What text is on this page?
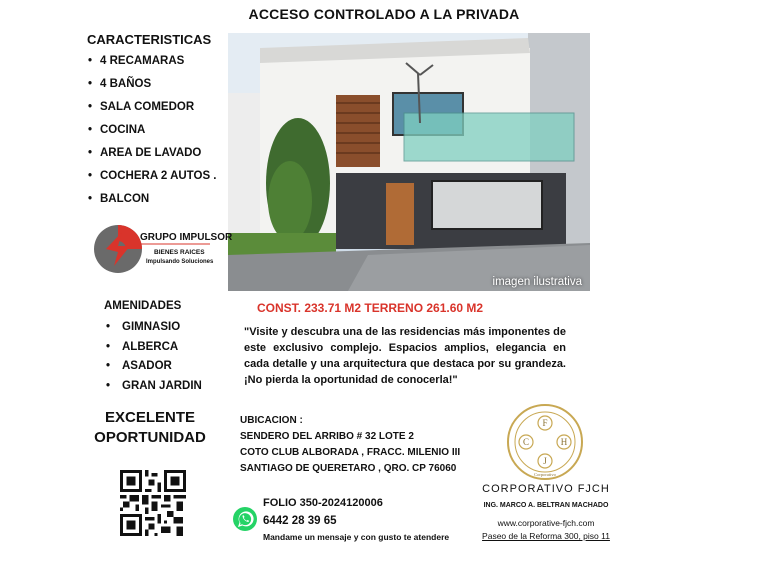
ACCESO CONTROLADO A LA PRIVADA
CARACTERISTICAS
• 4 RECAMARAS
• 4 BAÑOS
• SALA COMEDOR
• COCINA
• AREA DE LAVADO
• COCHERA 2 AUTOS .
• BALCON
imagen ilustrativa
GRUPO IMPULSOR
BIENES RAICES
Impulsando Soluciones
AMENIDADES
• GIMNASIO
• ALBERCA
• ASADOR
• GRAN JARDIN
EXCELENTE
OPORTUNIDAD
CONST. 233.71 M2 TERRENO 261.60 M2
"Visite y descubra una de las residencias más imponentes de este exclusivo complejo. Espacios amplios, elegancia en cada detalle y una arquitectura que destaca por su grandeza. ¡No pierda la oportunidad de conocerla!"
UBICACION :
SENDERO DEL ARRIBO # 32 LOTE 2
COTO CLUB ALBORADA , FRACC. MILENIO III
SANTIAGO DE QUERETARO , QRO. CP 76060
FOLIO 350-2024120006
6442 28 39 65
Mandame un mensaje y con gusto te atendere
F
C	H
J
Corporativo
CORPORATIVO FJCH
ING. MARCO A. BELTRAN MACHADO
www.corporative-fjch.com
Paseo de la Reforma 300, piso 11
